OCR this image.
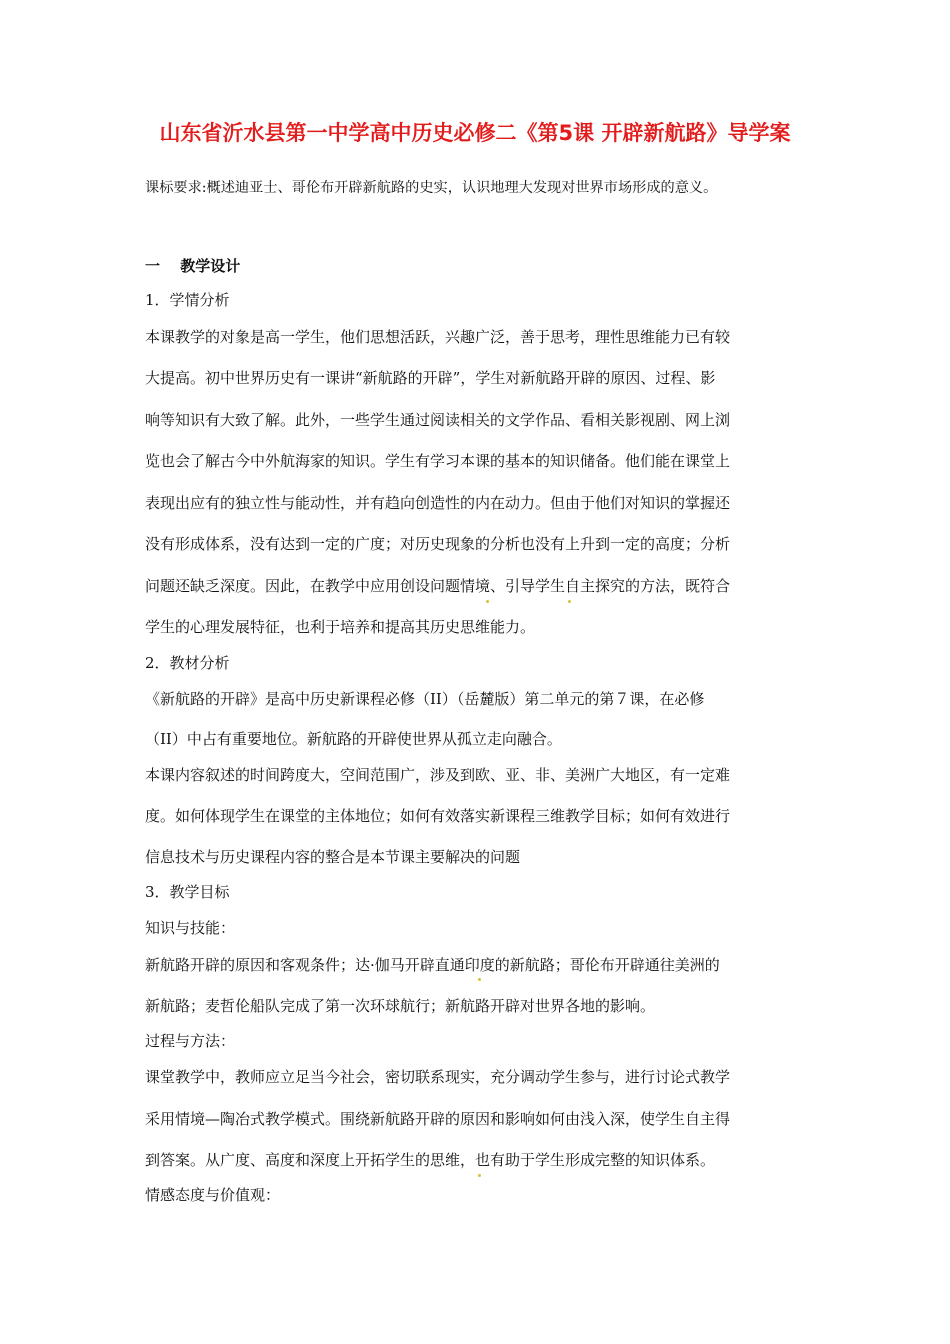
山东省沂水县第一中学高中历史必修二《第5课 开辟新航路》导学案
课标要求:概述迪亚士、哥伦布开辟新航路的史实，认识地理大发现对世界市场形成的意义。
一　 教学设计
1．学情分析
本课教学的对象是高一学生，他们思想活跃，兴趣广泛，善于思考，理性思维能力已有较
大提高。初中世界历史有一课讲“新航路的开辟”，学生对新航路开辟的原因、过程、影
响等知识有大致了解。此外，一些学生通过阅读相关的文学作品、看相关影视剧、网上浏
览也会了解古今中外航海家的知识。学生有学习本课的基本的知识储备。他们能在课堂上
表现出应有的独立性与能动性，并有趋向创造性的内在动力。但由于他们对知识的掌握还
没有形成体系，没有达到一定的广度；对历史现象的分析也没有上升到一定的高度；分析
问题还缺乏深度。因此，在教学中应用创设问题情境、引导学生自主探究的方法，既符合
学生的心理发展特征，也利于培养和提高其历史思维能力。
2．教材分析
《新航路的开辟》是高中历史新课程必修（II）（岳麓版）第二单元的第７课，在必修
（II）中占有重要地位。新航路的开辟使世界从孤立走向融合。
本课内容叙述的时间跨度大，空间范围广，涉及到欧、亚、非、美洲广大地区，有一定难
度。如何体现学生在课堂的主体地位；如何有效落实新课程三维教学目标；如何有效进行
信息技术与历史课程内容的整合是本节课主要解决的问题
3．教学目标
知识与技能：
新航路开辟的原因和客观条件；达·伽马开辟直通印度的新航路；哥伦布开辟通往美洲的
新航路；麦哲伦船队完成了第一次环球航行；新航路开辟对世界各地的影响。
过程与方法：
课堂教学中，教师应立足当今社会，密切联系现实，充分调动学生参与，进行讨论式教学
采用情境—陶冶式教学模式。围绕新航路开辟的原因和影响如何由浅入深，使学生自主得
到答案。从广度、高度和深度上开拓学生的思维，也有助于学生形成完整的知识体系。
情感态度与价值观：
